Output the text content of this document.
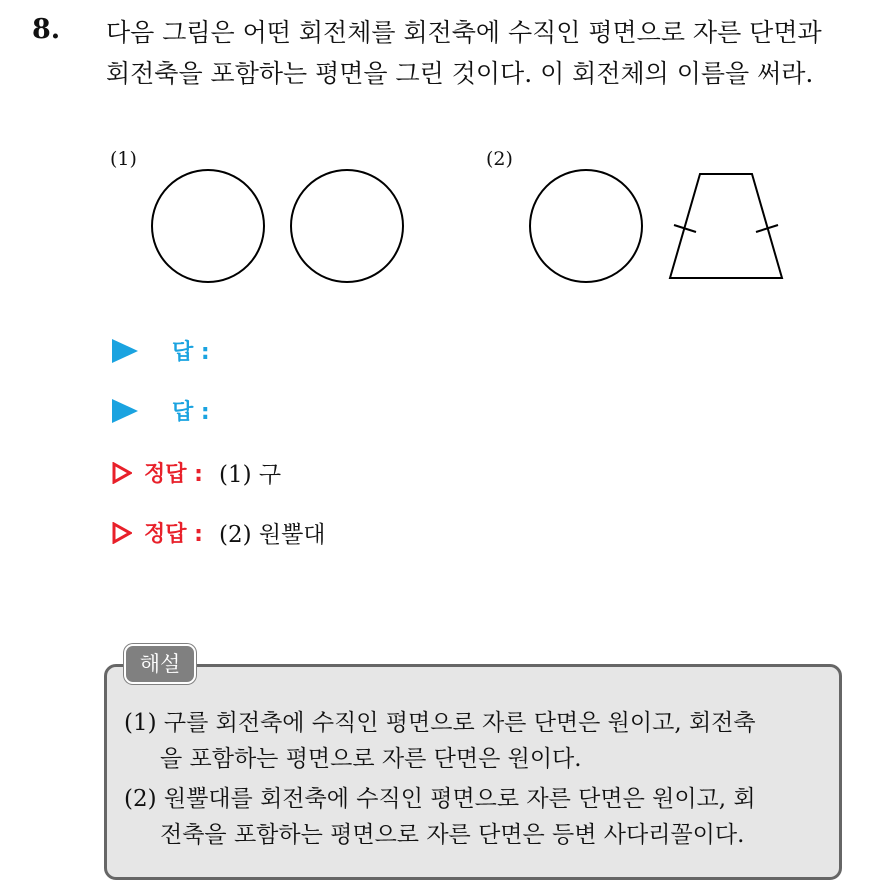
8. 다음 그림은 어떤 회전체를 회전축에 수직인 평면으로 자른 단면과
회전축을 포함하는 평면을 그린 것이다. 이 회전체의 이름을 써라.
(1)	(2)
답 :
답 :
정답 : (1) 구
정답 : (2) 원뿔대
해설
(1) 구를 회전축에 수직인 평면으로 자른 단면은 원이고, 회전축
을 포함하는 평면으로 자른 단면은 원이다.
(2) 원뿔대를 회전축에 수직인 평면으로 자른 단면은 원이고, 회
전축을 포함하는 평면으로 자른 단면은 등변 사다리꼴이다.
